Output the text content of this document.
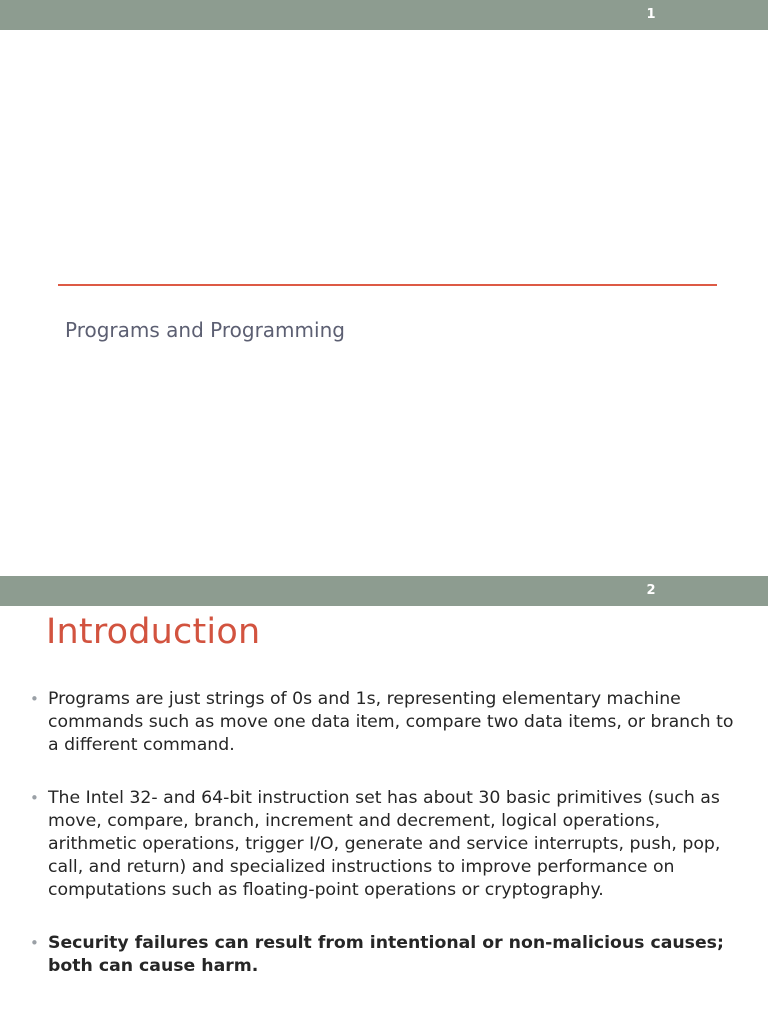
1
Programs and Programming
2
Introduction
• Programs are just strings of 0s and 1s, representing elementary machine commands such as move one data item, compare two data items, or branch to a different command.
• The Intel 32- and 64-bit instruction set has about 30 basic primitives (such as move, compare, branch, increment and decrement, logical operations, arithmetic operations, trigger I/O, generate and service interrupts, push, pop, call, and return) and specialized instructions to improve performance on computations such as floating-point operations or cryptography.
• Security failures can result from intentional or non-malicious causes; both can cause harm.
